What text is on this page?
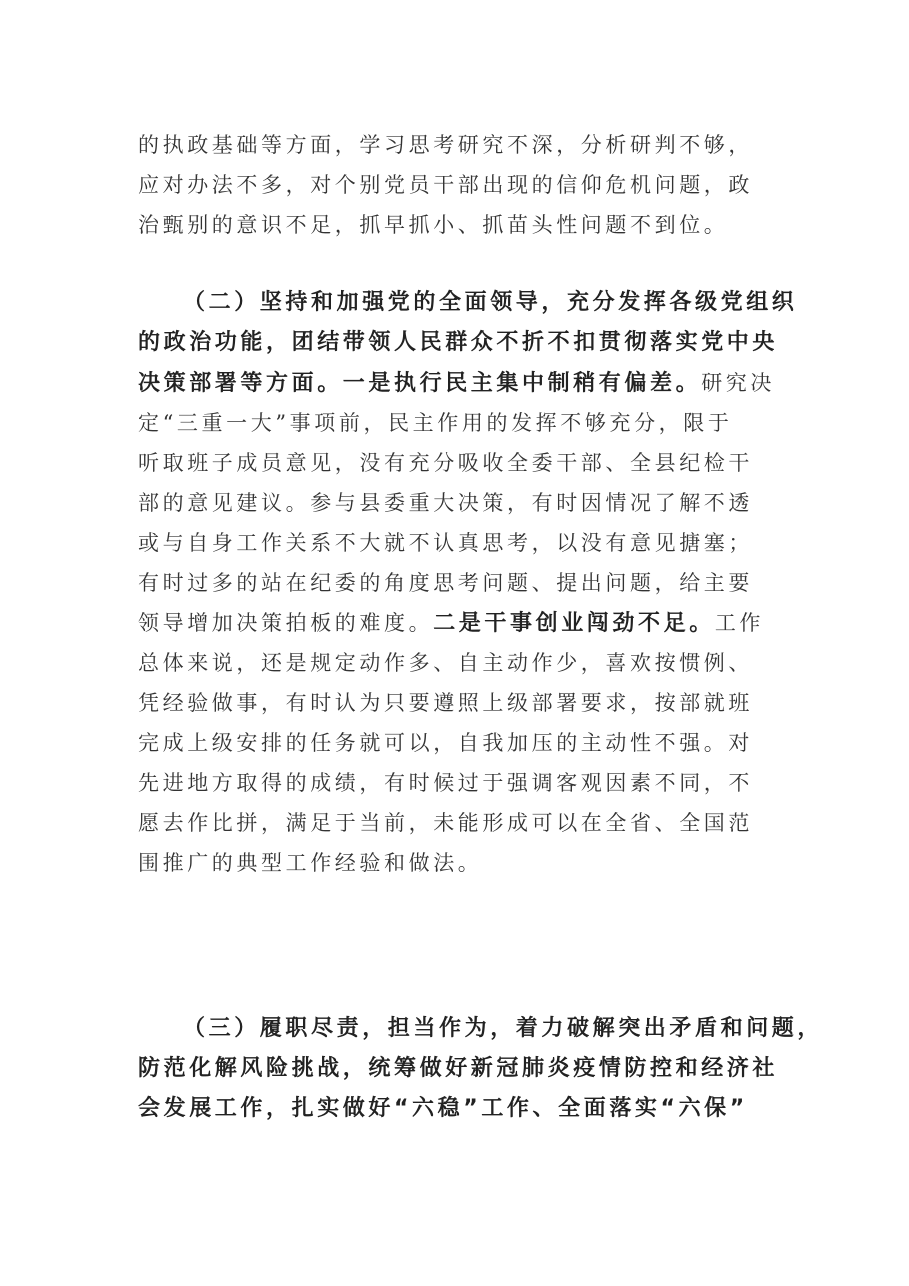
的执政基础等方面，学习思考研究不深，分析研判不够，
应对办法不多，对个别党员干部出现的信仰危机问题，政
治甄别的意识不足，抓早抓小、抓苗头性问题不到位。
（二）坚持和加强党的全面领导，充分发挥各级党组织
的政治功能，团结带领人民群众不折不扣贯彻落实党中央
决策部署等方面。一是执行民主集中制稍有偏差。研究决
定“三重一大”事项前，民主作用的发挥不够充分，限于
听取班子成员意见，没有充分吸收全委干部、全县纪检干
部的意见建议。参与县委重大决策，有时因情况了解不透
或与自身工作关系不大就不认真思考，以没有意见搪塞；
有时过多的站在纪委的角度思考问题、提出问题，给主要
领导增加决策拍板的难度。二是干事创业闯劲不足。工作
总体来说，还是规定动作多、自主动作少，喜欢按惯例、
凭经验做事，有时认为只要遵照上级部署要求，按部就班
完成上级安排的任务就可以，自我加压的主动性不强。对
先进地方取得的成绩，有时候过于强调客观因素不同，不
愿去作比拼，满足于当前，未能形成可以在全省、全国范
围推广的典型工作经验和做法。
（三）履职尽责，担当作为，着力破解突出矛盾和问题，
防范化解风险挑战，统筹做好新冠肺炎疫情防控和经济社
会发展工作，扎实做好“六稳”工作、全面落实“六保”
